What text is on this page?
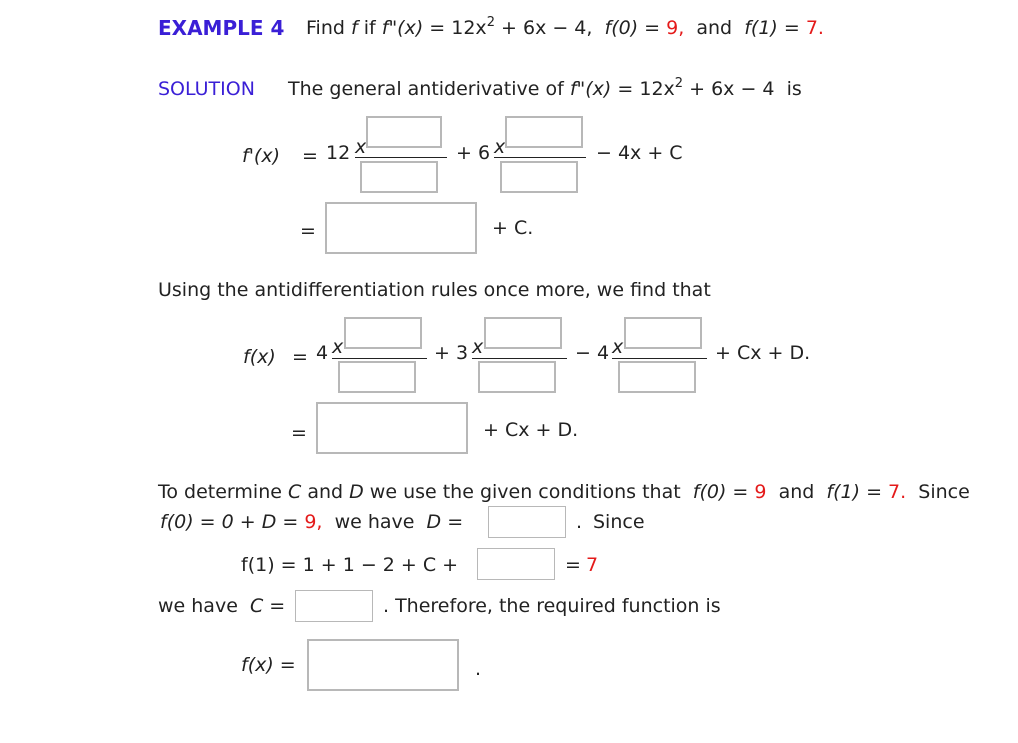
EXAMPLE 4 Find f if f"(x) = $12x^2 + 6x - 4$, f(0) = 9, and f(1) = 7.
SOLUTION The general antiderivative of f"(x) = $12x^2 + 6x - 4$ is
f'(x) = 12 x	+ 6 x	− 4x + C
=	+ C.
Using the antidifferentiation rules once more, we find that
f(x) = 4 x	+ 3 x	− 4 x	+ Cx + D.
=	+ Cx + D.
To determine C and D we use the given conditions that f(0) = 9 and f(1) = 7. Since
f(0) = 0 + D = 9, we have D =	. Since
f(1) = 1 + 1 − 2 + C +	= 7
we have C =	. Therefore, the required function is
f(x) =	.
